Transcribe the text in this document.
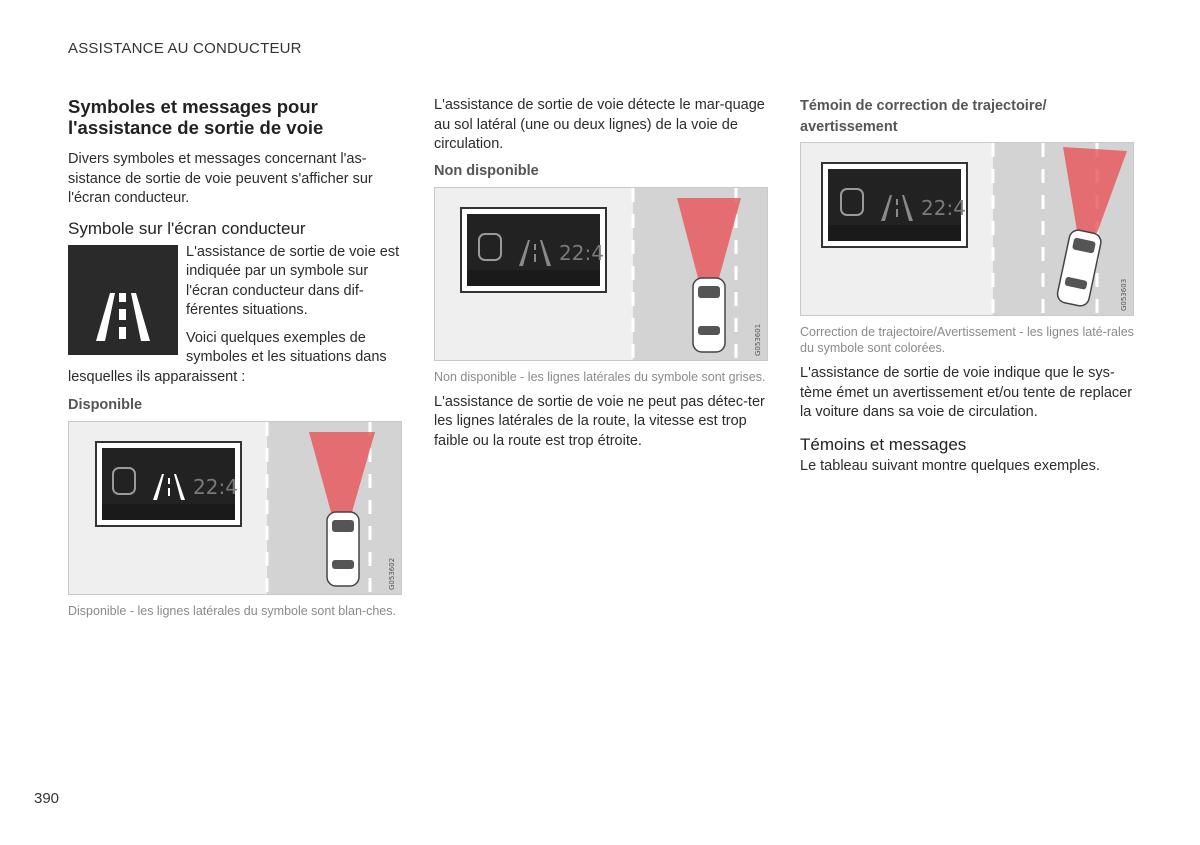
ASSISTANCE AU CONDUCTEUR
Symboles et messages pour l'assistance de sortie de voie

Divers symboles et messages concernant l'as-sistance de sortie de voie peuvent s'afficher sur l'écran conducteur.

Symbole sur l'écran conducteur

L'assistance de sortie de voie est indiquée par un symbole sur l'écran conducteur dans dif-férentes situations.

Voici quelques exemples de symboles et les situations dans lesquelles ils apparaissent :

Disponible
22:4
G053602
Disponible - les lignes latérales du symbole sont blan-ches.

L'assistance de sortie de voie détecte le mar-quage au sol latéral (une ou deux lignes) de la voie de circulation.

Non disponible
22:4
G053601
Non disponible - les lignes latérales du symbole sont grises.

L'assistance de sortie de voie ne peut pas détec-ter les lignes latérales de la route, la vitesse est trop faible ou la route est trop étroite.

Témoin de correction de trajectoire/ avertissement
22:4
G053603
Correction de trajectoire/Avertissement - les lignes laté-rales du symbole sont colorées.

L'assistance de sortie de voie indique que le sys-tème émet un avertissement et/ou tente de replacer la voiture dans sa voie de circulation.

Témoins et messages

Le tableau suivant montre quelques exemples.

390
